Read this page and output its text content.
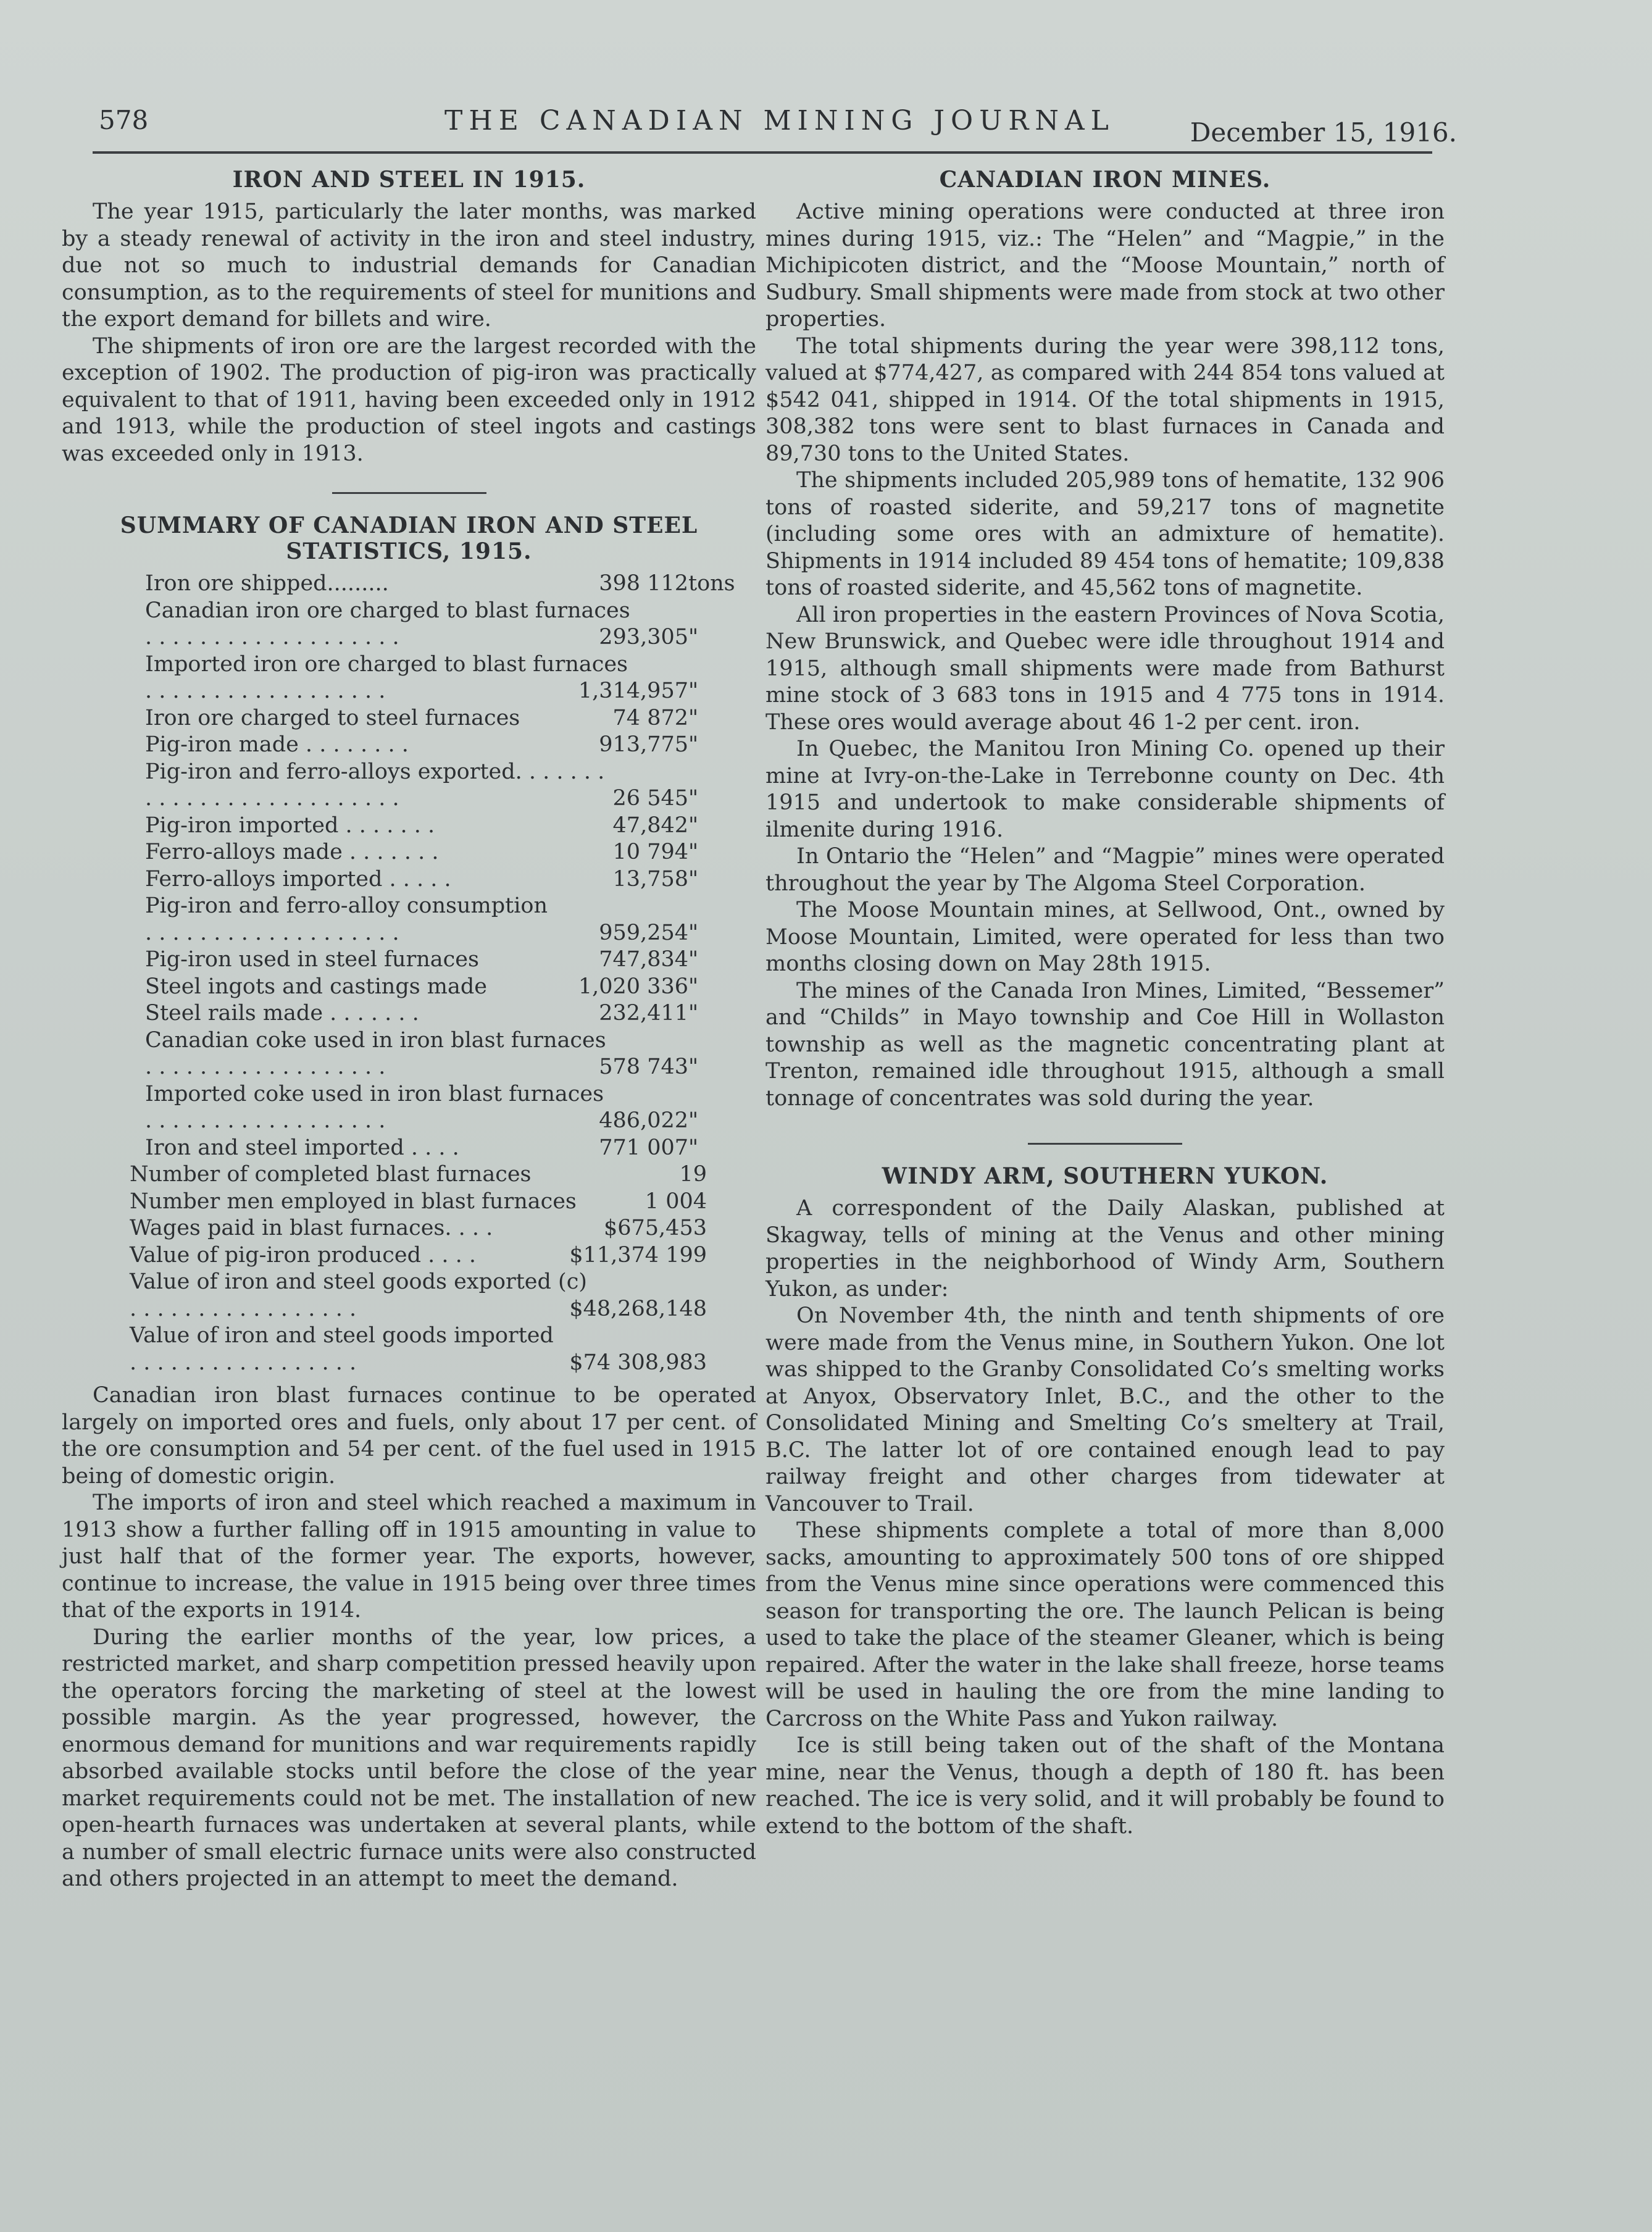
578	THE CANADIAN MINING JOURNAL	December 15, 1916.
IRON AND STEEL IN 1915.

The year 1915, particularly the later months, was marked by a steady renewal of activity in the iron and steel industry, due not so much to industrial demands for Canadian consumption, as to the requirements of steel for munitions and the export demand for billets and wire.

The shipments of iron ore are the largest recorded with the exception of 1902. The production of pig-iron was practically equivalent to that of 1911, having been exceeded only in 1912 and 1913, while the production of steel ingots and castings was exceeded only in 1913.

SUMMARY OF CANADIAN IRON AND STEEL
STATISTICS, 1915.
Iron ore shipped.........	398 112 tons
Canadian iron ore charged to blast furnaces
. . . . . . . . . . . . . . . . . . .	293,305 "
Imported iron ore charged to blast furnaces
. . . . . . . . . . . . . . . . . .	1,314,957 "
Iron ore charged to steel furnaces	74 872 "
Pig-iron made . . . . . . . .	913,775 "
Pig-iron and ferro-alloys exported. . . . . . .
. . . . . . . . . . . . . . . . . . .	26 545 "
Pig-iron imported . . . . . . .	47,842 "
Ferro-alloys made . . . . . . .	10 794 "
Ferro-alloys imported . . . . .	13,758 "
Pig-iron and ferro-alloy consumption
. . . . . . . . . . . . . . . . . . .	959,254 "
Pig-iron used in steel furnaces	747,834 "
Steel ingots and castings made	1,020 336 "
Steel rails made . . . . . . .	232,411 "
Canadian coke used in iron blast furnaces
. . . . . . . . . . . . . . . . . .	578 743 "
Imported coke used in iron blast furnaces
. . . . . . . . . . . . . . . . . .	486,022 "
Iron and steel imported . . . .	771 007 "
Number of completed blast furnaces	19
Number men employed in blast furnaces	1 004
Wages paid in blast furnaces. . . .	$675,453
Value of pig-iron produced . . . .	$11,374 199
Value of iron and steel goods exported (c)
. . . . . . . . . . . . . . . . .	$48,268,148
Value of iron and steel goods imported
. . . . . . . . . . . . . . . . .	$74 308,983

Canadian iron blast furnaces continue to be operated largely on imported ores and fuels, only about 17 per cent. of the ore consumption and 54 per cent. of the fuel used in 1915 being of domestic origin.

The imports of iron and steel which reached a maximum in 1913 show a further falling off in 1915 amounting in value to just half that of the former year. The exports, however, continue to increase, the value in 1915 being over three times that of the exports in 1914.

During the earlier months of the year, low prices, a restricted market, and sharp competition pressed heavily upon the operators forcing the marketing of steel at the lowest possible margin. As the year progressed, however, the enormous demand for munitions and war requirements rapidly absorbed available stocks until before the close of the year market requirements could not be met. The installation of new open-hearth furnaces was undertaken at several plants, while a number of small electric furnace units were also constructed and others projected in an attempt to meet the demand.

CANADIAN IRON MINES.

Active mining operations were conducted at three iron mines during 1915, viz.: The “Helen” and “Magpie,” in the Michipicoten district, and the “Moose Mountain,” north of Sudbury. Small shipments were made from stock at two other properties.

The total shipments during the year were 398,112 tons, valued at $774,427, as compared with 244 854 tons valued at $542 041, shipped in 1914. Of the total shipments in 1915, 308,382 tons were sent to blast furnaces in Canada and 89,730 tons to the United States.

The shipments included 205,989 tons of hematite, 132 906 tons of roasted siderite, and 59,217 tons of magnetite (including some ores with an admixture of hematite). Shipments in 1914 included 89 454 tons of hematite; 109,838 tons of roasted siderite, and 45,562 tons of magnetite.

All iron properties in the eastern Provinces of Nova Scotia, New Brunswick, and Quebec were idle throughout 1914 and 1915, although small shipments were made from Bathurst mine stock of 3 683 tons in 1915 and 4 775 tons in 1914. These ores would average about 46 1-2 per cent. iron.

In Quebec, the Manitou Iron Mining Co. opened up their mine at Ivry-on-the-Lake in Terrebonne county on Dec. 4th 1915 and undertook to make considerable shipments of ilmenite during 1916.

In Ontario the “Helen” and “Magpie” mines were operated throughout the year by The Algoma Steel Corporation.

The Moose Mountain mines, at Sellwood, Ont., owned by Moose Mountain, Limited, were operated for less than two months closing down on May 28th 1915.

The mines of the Canada Iron Mines, Limited, “Bessemer” and “Childs” in Mayo township and Coe Hill in Wollaston township as well as the magnetic concentrating plant at Trenton, remained idle throughout 1915, although a small tonnage of concentrates was sold during the year.

WINDY ARM, SOUTHERN YUKON.

A correspondent of the Daily Alaskan, published at Skagway, tells of mining at the Venus and other mining properties in the neighborhood of Windy Arm, Southern Yukon, as under:

On November 4th, the ninth and tenth shipments of ore were made from the Venus mine, in Southern Yukon. One lot was shipped to the Granby Consolidated Co’s smelting works at Anyox, Observatory Inlet, B.C., and the other to the Consolidated Mining and Smelting Co’s smeltery at Trail, B.C. The latter lot of ore contained enough lead to pay railway freight and other charges from tidewater at Vancouver to Trail.

These shipments complete a total of more than 8,000 sacks, amounting to approximately 500 tons of ore shipped from the Venus mine since operations were commenced this season for transporting the ore. The launch Pelican is being used to take the place of the steamer Gleaner, which is being repaired. After the water in the lake shall freeze, horse teams will be used in hauling the ore from the mine landing to Carcross on the White Pass and Yukon railway.

Ice is still being taken out of the shaft of the Montana mine, near the Venus, though a depth of 180 ft. has been reached. The ice is very solid, and it will probably be found to extend to the bottom of the shaft.
